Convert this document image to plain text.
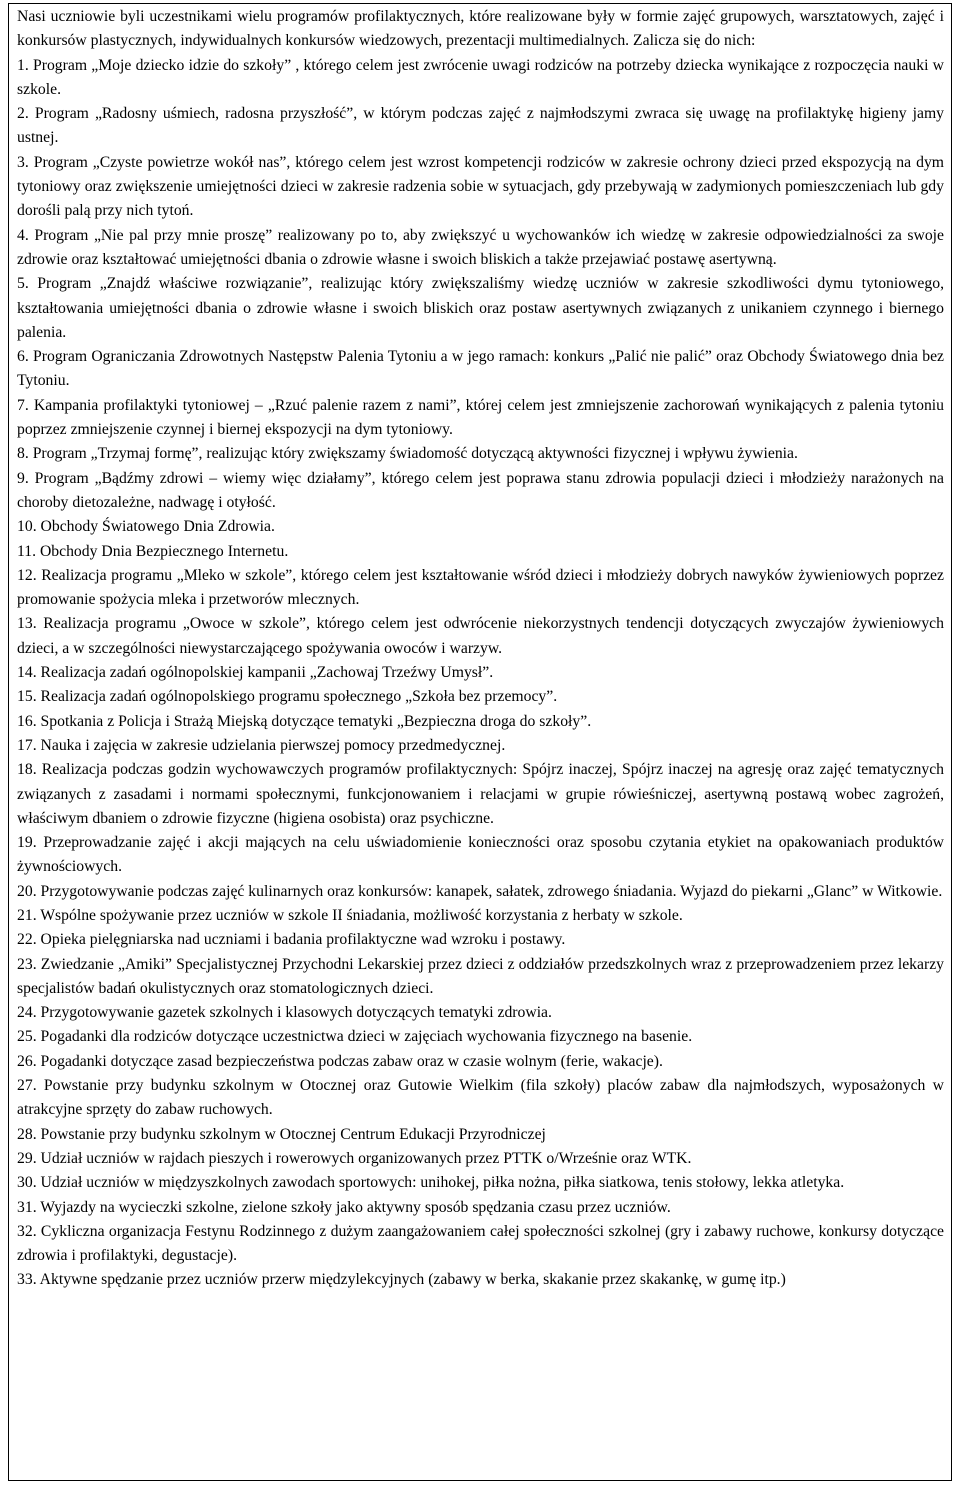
Nasi uczniowie byli uczestnikami wielu programów profilaktycznych, które realizowane były w formie zajęć grupowych, warsztatowych, zajęć i konkursów plastycznych, indywidualnych konkursów wiedzowych, prezentacji multimedialnych. Zalicza się do nich:

1. Program „Moje dziecko idzie do szkoły” , którego celem jest zwrócenie uwagi rodziców na potrzeby dziecka wynikające z rozpoczęcia nauki w szkole.

2. Program „Radosny uśmiech, radosna przyszłość”, w którym podczas zajęć z najmłodszymi zwraca się uwagę na profilaktykę higieny jamy ustnej.

3. Program „Czyste powietrze wokół nas”, którego celem jest wzrost kompetencji rodziców w zakresie ochrony dzieci przed ekspozycją na dym tytoniowy oraz zwiększenie umiejętności dzieci w zakresie radzenia sobie w sytuacjach, gdy przebywają w zadymionych pomieszczeniach lub gdy dorośli palą przy nich tytoń.

4. Program „Nie pal przy mnie proszę” realizowany po to, aby zwiększyć u wychowanków ich wiedzę w zakresie odpowiedzialności za swoje zdrowie oraz kształtować umiejętności dbania o zdrowie własne i swoich bliskich a także przejawiać postawę asertywną.

5. Program „Znajdź właściwe rozwiązanie”, realizując który zwiększaliśmy wiedzę uczniów w zakresie szkodliwości dymu tytoniowego, kształtowania umiejętności dbania o zdrowie własne i swoich bliskich oraz postaw asertywnych związanych z unikaniem czynnego i biernego palenia.

6. Program Ograniczania Zdrowotnych Następstw Palenia Tytoniu a w jego ramach: konkurs „Palić nie palić” oraz Obchody Światowego dnia bez Tytoniu.

7. Kampania profilaktyki tytoniowej – „Rzuć palenie razem z nami”, której celem jest zmniejszenie zachorowań wynikających z palenia tytoniu poprzez zmniejszenie czynnej i biernej ekspozycji na dym tytoniowy.

8. Program „Trzymaj formę”, realizując który zwiększamy świadomość dotyczącą aktywności fizycznej i wpływu żywienia.

9. Program „Bądźmy zdrowi – wiemy więc działamy”, którego celem jest poprawa stanu zdrowia populacji dzieci i młodzieży narażonych na choroby dietozależne, nadwagę i otyłość.

10. Obchody Światowego Dnia Zdrowia.

11. Obchody Dnia Bezpiecznego Internetu.

12. Realizacja programu „Mleko w szkole”, którego celem jest kształtowanie wśród dzieci i młodzieży dobrych nawyków żywieniowych poprzez promowanie spożycia mleka i przetworów mlecznych.

13. Realizacja programu „Owoce w szkole”, którego celem jest odwrócenie niekorzystnych tendencji dotyczących zwyczajów żywieniowych dzieci, a w szczególności niewystarczającego spożywania owoców i warzyw.

14. Realizacja zadań ogólnopolskiej kampanii „Zachowaj Trzeźwy Umysł”.

15. Realizacja zadań ogólnopolskiego programu społecznego „Szkoła bez przemocy”.

16. Spotkania z Policja i Strażą Miejską dotyczące tematyki „Bezpieczna droga do szkoły”.

17. Nauka i zajęcia w zakresie udzielania pierwszej pomocy przedmedycznej.

18. Realizacja podczas godzin wychowawczych programów profilaktycznych: Spójrz inaczej, Spójrz inaczej na agresję oraz zajęć tematycznych związanych z zasadami i normami społecznymi, funkcjonowaniem i relacjami w grupie rówieśniczej, asertywną postawą wobec zagrożeń, właściwym dbaniem o zdrowie fizyczne (higiena osobista) oraz psychiczne.

19. Przeprowadzanie zajęć i akcji mających na celu uświadomienie konieczności oraz sposobu czytania etykiet na opakowaniach produktów żywnościowych.

20. Przygotowywanie podczas zajęć kulinarnych oraz konkursów: kanapek, sałatek, zdrowego śniadania. Wyjazd do piekarni „Glanc” w Witkowie.

21. Wspólne spożywanie przez uczniów w szkole II śniadania, możliwość korzystania z herbaty w szkole.

22. Opieka pielęgniarska nad uczniami i badania profilaktyczne wad wzroku i postawy.

23. Zwiedzanie „Amiki” Specjalistycznej Przychodni Lekarskiej przez dzieci z oddziałów przedszkolnych wraz z przeprowadzeniem przez lekarzy specjalistów badań okulistycznych oraz stomatologicznych dzieci.

24. Przygotowywanie gazetek szkolnych i klasowych dotyczących tematyki zdrowia.

25. Pogadanki dla rodziców dotyczące uczestnictwa dzieci w zajęciach wychowania fizycznego na basenie.

26. Pogadanki dotyczące zasad bezpieczeństwa podczas zabaw oraz w czasie wolnym (ferie, wakacje).

27. Powstanie przy budynku szkolnym w Otocznej oraz Gutowie Wielkim (fila szkoły) placów zabaw dla najmłodszych, wyposażonych w atrakcyjne sprzęty do zabaw ruchowych.

28. Powstanie przy budynku szkolnym w Otocznej Centrum Edukacji Przyrodniczej

29. Udział uczniów w rajdach pieszych i rowerowych organizowanych przez PTTK o/Wrześnie oraz WTK.

30. Udział uczniów w międzyszkolnych zawodach sportowych: unihokej, piłka nożna, piłka siatkowa, tenis stołowy, lekka atletyka.

31. Wyjazdy na wycieczki szkolne, zielone szkoły jako aktywny sposób spędzania czasu przez uczniów.

32. Cykliczna organizacja Festynu Rodzinnego z dużym zaangażowaniem całej społeczności szkolnej (gry i zabawy ruchowe, konkursy dotyczące zdrowia i profilaktyki, degustacje).

33. Aktywne spędzanie przez uczniów przerw międzylekcyjnych (zabawy w berka, skakanie przez skakankę, w gumę itp.)
